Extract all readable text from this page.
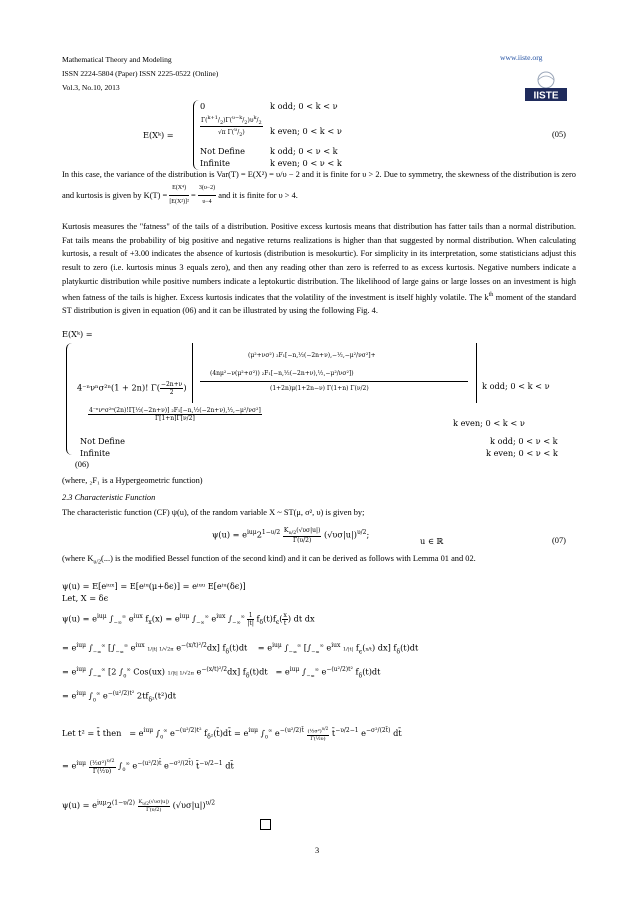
Mathematical Theory and Modeling	www.iiste.org
ISSN 2224-5804 (Paper) ISSN 2225-0522 (Online)
Vol.3, No.10, 2013
IISTE
E(Xᵏ) =
0	k odd; 0 < k < ν
$\frac{\Gamma(^{k+1}/_2)\Gamma(^{\upsilon-k}/_2)\upsilon^k/_2}{√\pi \Gamma(^\upsilon/_2)}$ k even; 0 < k < ν
Not Define	k odd; 0 < ν < k
Infinite	k even; 0 < ν < k
(05)
In this case, the variance of the distribution is Var(T) = E(X²) = υ/υ − 2 and it is finite for υ > 2. Due to symmetry, the skewness of the distribution is zero and kurtosis is given by $K(T) = \frac{\text{E(X⁴)}}{\text{[E(X²)]²}} = \frac{3(\upsilon-2)}{\upsilon-4}$ and it is finite for υ > 4.
Kurtosis measures the "fatness" of the tails of a distribution. Positive excess kurtosis means that distribution has fatter tails than a normal distribution. Fat tails means the probability of big positive and negative returns realizations is higher than that suggested by normal distribution. When calculating kurtosis, a result of +3.00 indicates the absence of kurtosis (distribution is mesokurtic). For simplicity in its interpretation, some statisticians adjust this result to zero (i.e. kurtosis minus 3 equals zero), and then any reading other than zero is referred to as excess kurtosis. Negative numbers indicate a platykurtic distribution while positive numbers indicate a leptokurtic distribution. The likelihood of large gains or large losses on an investment is high when fatness of the tails is higher. Excess kurtosis indicates that the volatility of the investment is itself highly volatile. The $k^{th}$ moment of the standard ST distribution is given in equation (06) and it can be illustrated by using the following Fig. 4.
E(Xᵏ) =
(μ²+νσ²) ₂F₁[−n,½(−2n+ν),−½,−μ²/νσ²]+
(4nμ²−ν(μ²+σ²)) ₂F₁[−n,½(−2n+ν),½,−μ²/νσ²])
(1+2n)μ(1+2n−ν) Γ(1+n) Γ(ν/2)
4⁻ⁿνⁿσ²ⁿ(1 + 2n)! $\Gamma( \frac{-2n+\nu}{2}$ )	k odd; 0 < k < ν
$\frac{\text{4⁻ⁿνⁿσ²ⁿ(2n)!Γ[½(−2n+ν)] ₂F₁[−n,½(−2n+ν),½,−μ²/νσ²]}}{\Gamma[1+n]\Gamma[\nu/2]}$
k even; 0 < k < ν
Not Define	k odd; 0 < ν < k
Infinite	k even; 0 < ν < k
(06)
(where, ₂F₁ is a Hypergeometric function)
2.3 Characteristic Function
The characteristic function (CF) ψ(u), of the random variable X ~ ST(μ, σ², υ) is given by;
$\psi(u) = e^{iu\mu}2^{1-\upsilon/2} \frac{K_{\upsilon/2}(√\upsilon\sigma|u|)}{\Gamma(\upsilon/2)} (√\upsilon\sigma|u|)^{\upsilon/2}$;
u ∈ ℝ	(07)
(where $K_{\upsilon/2}(...)$ is the modified Bessel function of the second kind) and it can be derived as follows with Lemma 01 and 02.
ψ(u) = E[eⁱᵘˣ] = E[eⁱᵘ(μ+δϵ)] = eⁱᵘᵘ E[eⁱᵘ(δϵ)]
Let, X = δϵ
$\psi(u) = e^{iu\mu}$ $\int_{-\infty}^\infty$ $e^{iux}$ $f_x(x) = e^{iu\mu}$ $\int_{-\infty}^\infty$ $e^{iux}$ $\int_{-\infty}^\infty \frac{1}{|t|} f_\delta(t)f_\epsilon( \frac{x}{t}$ ) dt dx
= $e^{iu\mu}$ $\int_{-\infty}^\infty$ [$\int_{-\infty}^\infty$ $e^{iux}$ 1/|t| 1/√2π $e^{-(x/t)^2/2}dx$] $f_\delta(t)dt$    = $e^{iu\mu}$ $\int_{-\infty}^\infty$ [$\int_{-\infty}^\infty$ $e^{iux}$ 1/|t| $f_\epsilon(x/t)$ dx] $f_\delta(t)dt$
= $e^{iu\mu}$ $\int_{-\infty}^\infty$ [2 $\int_0^\infty$ Cos(ux) 1/|t| 1/√2π $e^{-(x/t)^2/2}dx$] $f_\delta(t)dt = e^{iu\mu}$ $\int_{-\infty}^\infty$ $e^{-(u^2/2)t^2}$ $f_\delta(t)dt$
= $e^{iu\mu}$ $\int_0^\infty$ $e^{-(u^2/2)t^2}$ $2tf_{\delta^2}(t^2)dt$
Let t² = t̄ then   = $e^{iu\mu}$ $\int_0^\infty$ $e^{-(u^2/2)t^2}$ $f_{\delta^2}(t̄)dt̄ = e^{iu\mu}$ $\int_0^\infty$ $e^{-(u^2/2)t̄} \frac{(\frac{1}{2}\sigma^2)^{\upsilon/2}}{\text{Γ(½υ)}}$ t̄$^{-\upsilon/2-1}$ $e^{-\sigma^2/(2t̄)}$ dt̄
= $e^{iu\mu} \frac{(\frac{1}{2}\sigma^2)^{\upsilon/2}}{\text{Γ(½υ)}} \int_0^\infty$ $e^{-(u^2/2)t̄}$ $e^{-\sigma^2/(2t̄)}$ t̄$^{-\upsilon/2-1}$ dt̄
$\psi(u) = e^{iu\mu}2^{(1-\upsilon/2)} \frac{K_{\upsilon/2}(√\upsilon\sigma|u|)}{\Gamma(\upsilon/2)} (√\upsilon\sigma|u|)^{\upsilon/2}$
3
